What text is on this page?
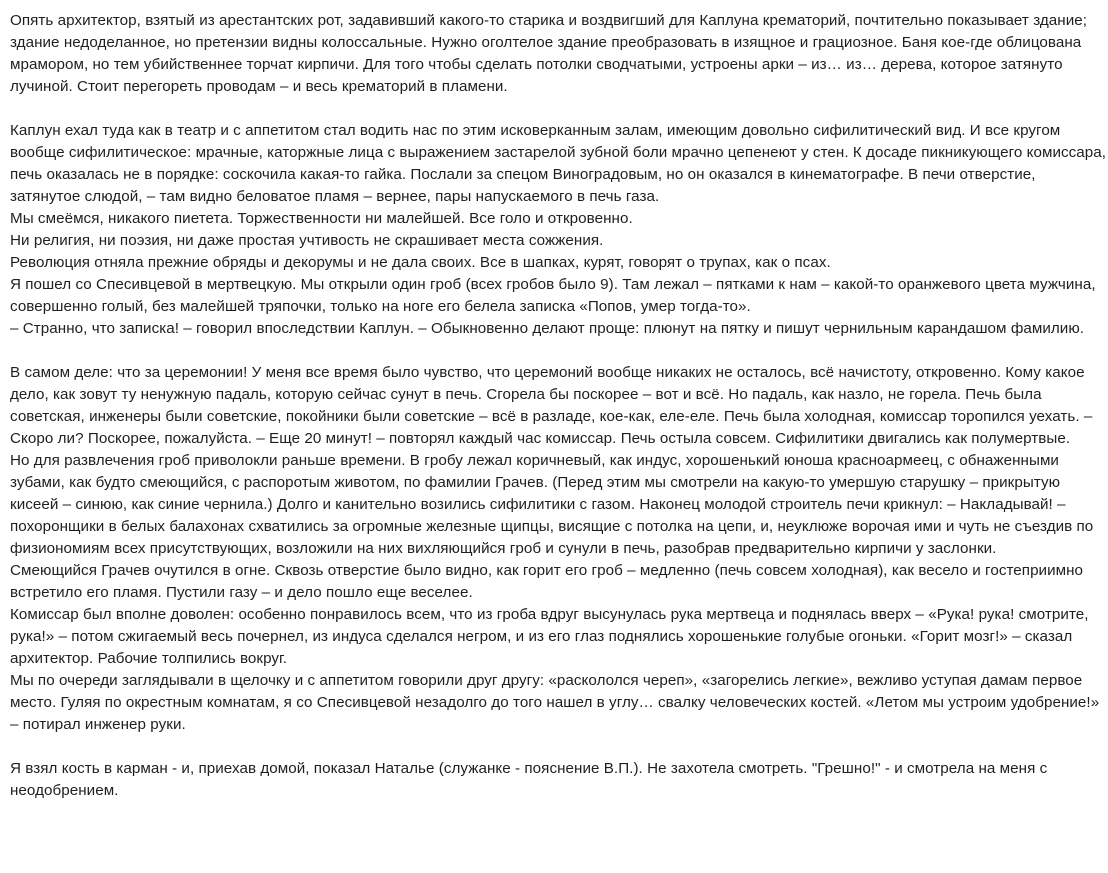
Опять архитектор, взятый из арестантских рот, задавивший какого-то старика и воздвигший для Каплуна крематорий, почтительно показывает здание; здание недоделанное, но претензии видны колоссальные. Нужно оголтелое здание преобразовать в изящное и грациозное. Баня кое-где облицована мрамором, но тем убийственнее торчат кирпичи. Для того чтобы сделать потолки сводчатыми, устроены арки – из… из… дерева, которое затянуто лучиной. Стоит перегореть проводам – и весь крематорий в пламени.

Каплун ехал туда как в театр и с аппетитом стал водить нас по этим исковерканным залам, имеющим довольно сифилитический вид. И все кругом вообще сифилитическое: мрачные, каторжные лица с выражением застарелой зубной боли мрачно цепенеют у стен. К досаде пикникующего комиссара, печь оказалась не в порядке: соскочила какая-то гайка. Послали за спецом Виноградовым, но он оказался в кинематографе. В печи отверстие, затянутое слюдой, – там видно беловатое пламя – вернее, пары напускаемого в печь газа.

Мы смеёмся, никакого пиетета. Торжественности ни малейшей. Все голо и откровенно.

Ни религия, ни поэзия, ни даже простая учтивость не скрашивает места сожжения.

Революция отняла прежние обряды и декорумы и не дала своих. Все в шапках, курят, говорят о трупах, как о псах.

Я пошел со Спесивцевой в мертвецкую. Мы открыли один гроб (всех гробов было 9). Там лежал – пятками к нам – какой-то оранжевого цвета мужчина, совершенно голый, без малейшей тряпочки, только на ноге его белела записка «Попов, умер тогда-то».

– Странно, что записка! – говорил впоследствии Каплун. – Обыкновенно делают проще: плюнут на пятку и пишут чернильным карандашом фамилию.

В самом деле: что за церемонии! У меня все время было чувство, что церемоний вообще никаких не осталось, всё начистоту, откровенно. Кому какое дело, как зовут ту ненужную падаль, которую сейчас сунут в печь. Сгорела бы поскорее – вот и всё. Но падаль, как назло, не горела. Печь была советская, инженеры были советские, покойники были советские – всё в разладе, кое-как, еле-еле. Печь была холодная, комиссар торопился уехать. – Скоро ли? Поскорее, пожалуйста. – Еще 20 минут! – повторял каждый час комиссар. Печь остыла совсем. Сифилитики двигались как полумертвые.

Но для развлечения гроб приволокли раньше времени. В гробу лежал коричневый, как индус, хорошенький юноша красноармеец, с обнаженными зубами, как будто смеющийся, с распоротым животом, по фамилии Грачев. (Перед этим мы смотрели на какую-то умершую старушку – прикрытую кисеей – синюю, как синие чернила.) Долго и канительно возились сифилитики с газом. Наконец молодой строитель печи крикнул: – Накладывай! – похоронщики в белых балахонах схватились за огромные железные щипцы, висящие с потолка на цепи, и, неуклюже ворочая ими и чуть не съездив по физиономиям всех присутствующих, возложили на них вихляющийся гроб и сунули в печь, разобрав предварительно кирпичи у заслонки.

Смеющийся Грачев очутился в огне. Сквозь отверстие было видно, как горит его гроб – медленно (печь совсем холодная), как весело и гостеприимно встретило его пламя. Пустили газу – и дело пошло еще веселее.

Комиссар был вполне доволен: особенно понравилось всем, что из гроба вдруг высунулась рука мертвеца и поднялась вверх – «Рука! рука! смотрите, рука!» – потом сжигаемый весь почернел, из индуса сделался негром, и из его глаз поднялись хорошенькие голубые огоньки. «Горит мозг!» – сказал архитектор. Рабочие толпились вокруг.

Мы по очереди заглядывали в щелочку и с аппетитом говорили друг другу: «раскололся череп», «загорелись легкие», вежливо уступая дамам первое место. Гуляя по окрестным комнатам, я со Спесивцевой незадолго до того нашел в углу… свалку человеческих костей. «Летом мы устроим удобрение!» – потирал инженер руки.

Я взял кость в карман - и, приехав домой, показал Наталье (служанке - пояснение В.П.). Не захотела смотреть. "Грешно!" - и смотрела на меня с неодобрением.
